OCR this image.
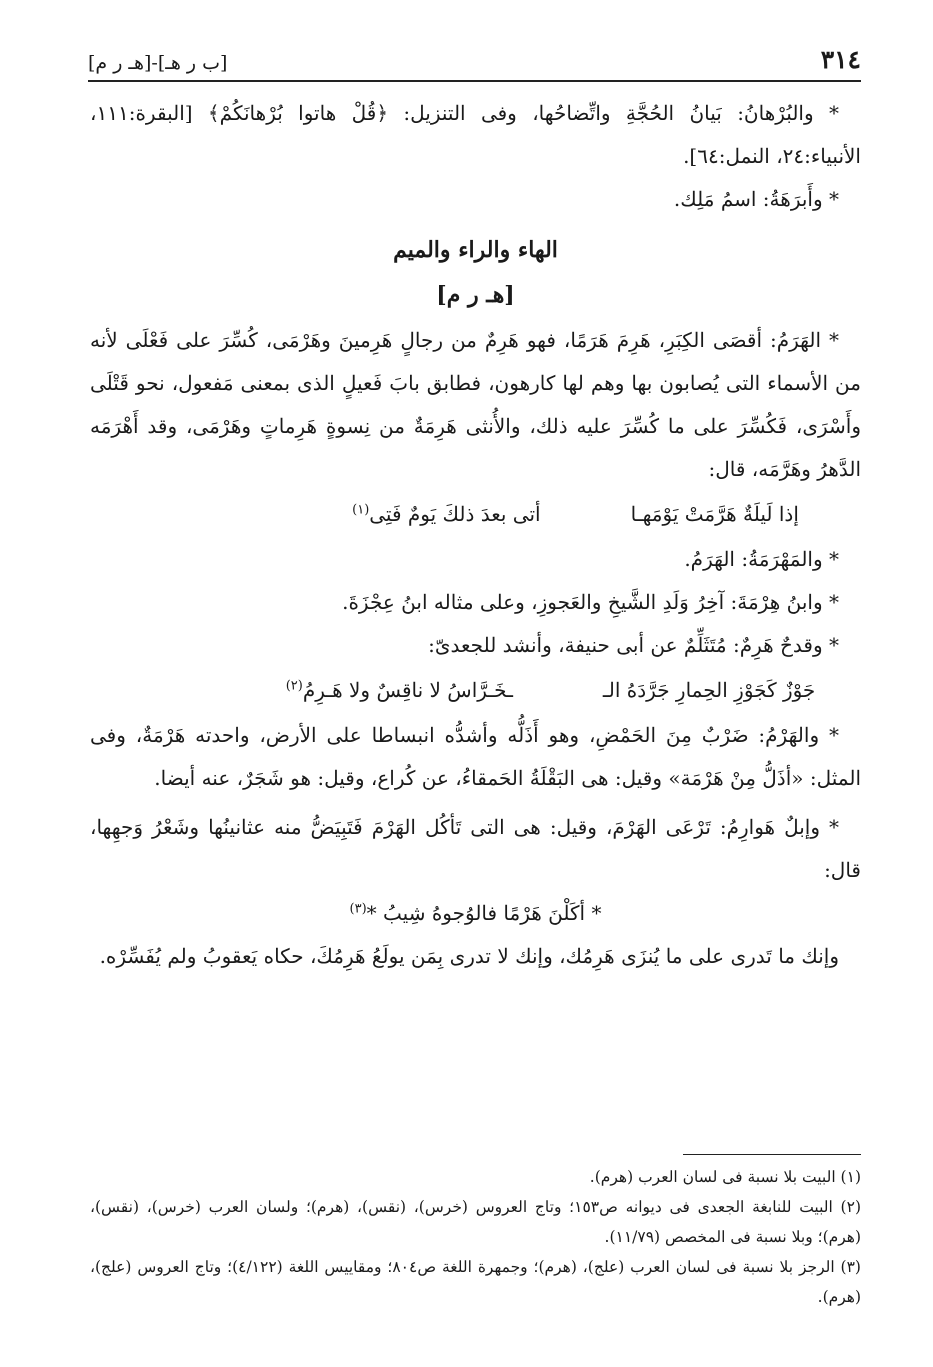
٣١٤
[ب ر هـ]-[هـ ر م]

* والبُرْهانُ: بَيانُ الحُجَّةِ واتِّضاحُها، وفى التنزيل: ﴿قُلْ هاتوا بُرْهانَكُمْ﴾ [البقرة:١١١، الأنبياء:٢٤، النمل:٦٤].

* وأَبرَهَةُ: اسمُ مَلِك.

الهاء والراء والميم
[هـ ر م]

* الهَرَمُ: أقصَى الكِبَرِ، هَرِمَ هَرَمًا، فهو هَرِمٌ من رجالٍ هَرِمينَ وهَرْمَى، كُسِّرَ على فَعْلَى لأنه من الأسماء التى يُصابون بها وهم لها كارهون، فطابق بابَ فَعيلٍ الذى بمعنى مَفعول، نحو قَتْلَى وأَسْرَى، فَكُسِّرَ على ما كُسِّرَ عليه ذلك، والأُنثى هَرِمَةٌ من نِسوةٍ هَرِماتٍ وهَرْمَى، وقد أَهْرَمَه الدَّهرُ وهَرَّمَه، قال:

إذا لَيلَةٌ هَرَّمَتْ يَوْمَهـا
أتى بعدَ ذلكَ يَومٌ فَتِى$^{(١)}$

* والمَهْرَمَةُ: الهَرَمُ.

* وابنُ هِرْمَةَ: آخِرُ وَلَدِ الشَّيخِ والعَجوزِ، وعلى مثاله ابنُ عِجْزَةَ.

* وقدحٌ هَرِمٌ: مُتَثَلِّمٌ عن أبى حنيفة، وأنشد للجعدىّ:

جَوْزٌ كَجَوْزِ الحِمارِ جَرَّدَهُ الـ
ـخَـرَّاسُ لا ناقِسٌ ولا هَـرِمُ$^{(٢)}$

* والهَرْمُ: ضَرْبٌ مِنَ الحَمْضِ، وهو أَذَلُّه وأشدُّه انبساطا على الأرض، واحدته هَرْمَةٌ، وفى المثل: «أذَلُّ مِنْ هَرْمَة» وقيل: هى البَقْلَةُ الحَمقاءُ، عن كُراع، وقيل: هو شَجَرٌ، عنه أيضا.

* وإبلٌ هَوارِمُ: تَرْعَى الهَرْمَ، وقيل: هى التى تَأكُل الهَرْمَ فَتَبِيَضُّ منه عثانينُها وشَعْرُ وَجهِها، قال:

* أكَلْنَ هَرْمًا فالوُجوهُ شِيبُ *$^{(٣)}$

وإنك ما تَدرى على ما يُنزَى هَرِمُك، وإنك لا تدرى بِمَن يولَعُ هَرِمُكَ، حكاه يَعقوبُ ولم يُفَسِّرْه.

(١) البيت بلا نسبة فى لسان العرب (هرم).

(٢) البيت للنابغة الجعدى فى ديوانه ص١٥٣؛ وتاج العروس (خرس)، (نقس)، (هرم)؛ ولسان العرب (خرس)، (نقس)، (هرم)؛ وبلا نسبة فى المخصص (١١/٧٩).

(٣) الرجز بلا نسبة فى لسان العرب (علج)، (هرم)؛ وجمهرة اللغة ص٨٠٤؛ ومقاييس اللغة (٤/١٢٢)؛ وتاج العروس (علج)، (هرم).
